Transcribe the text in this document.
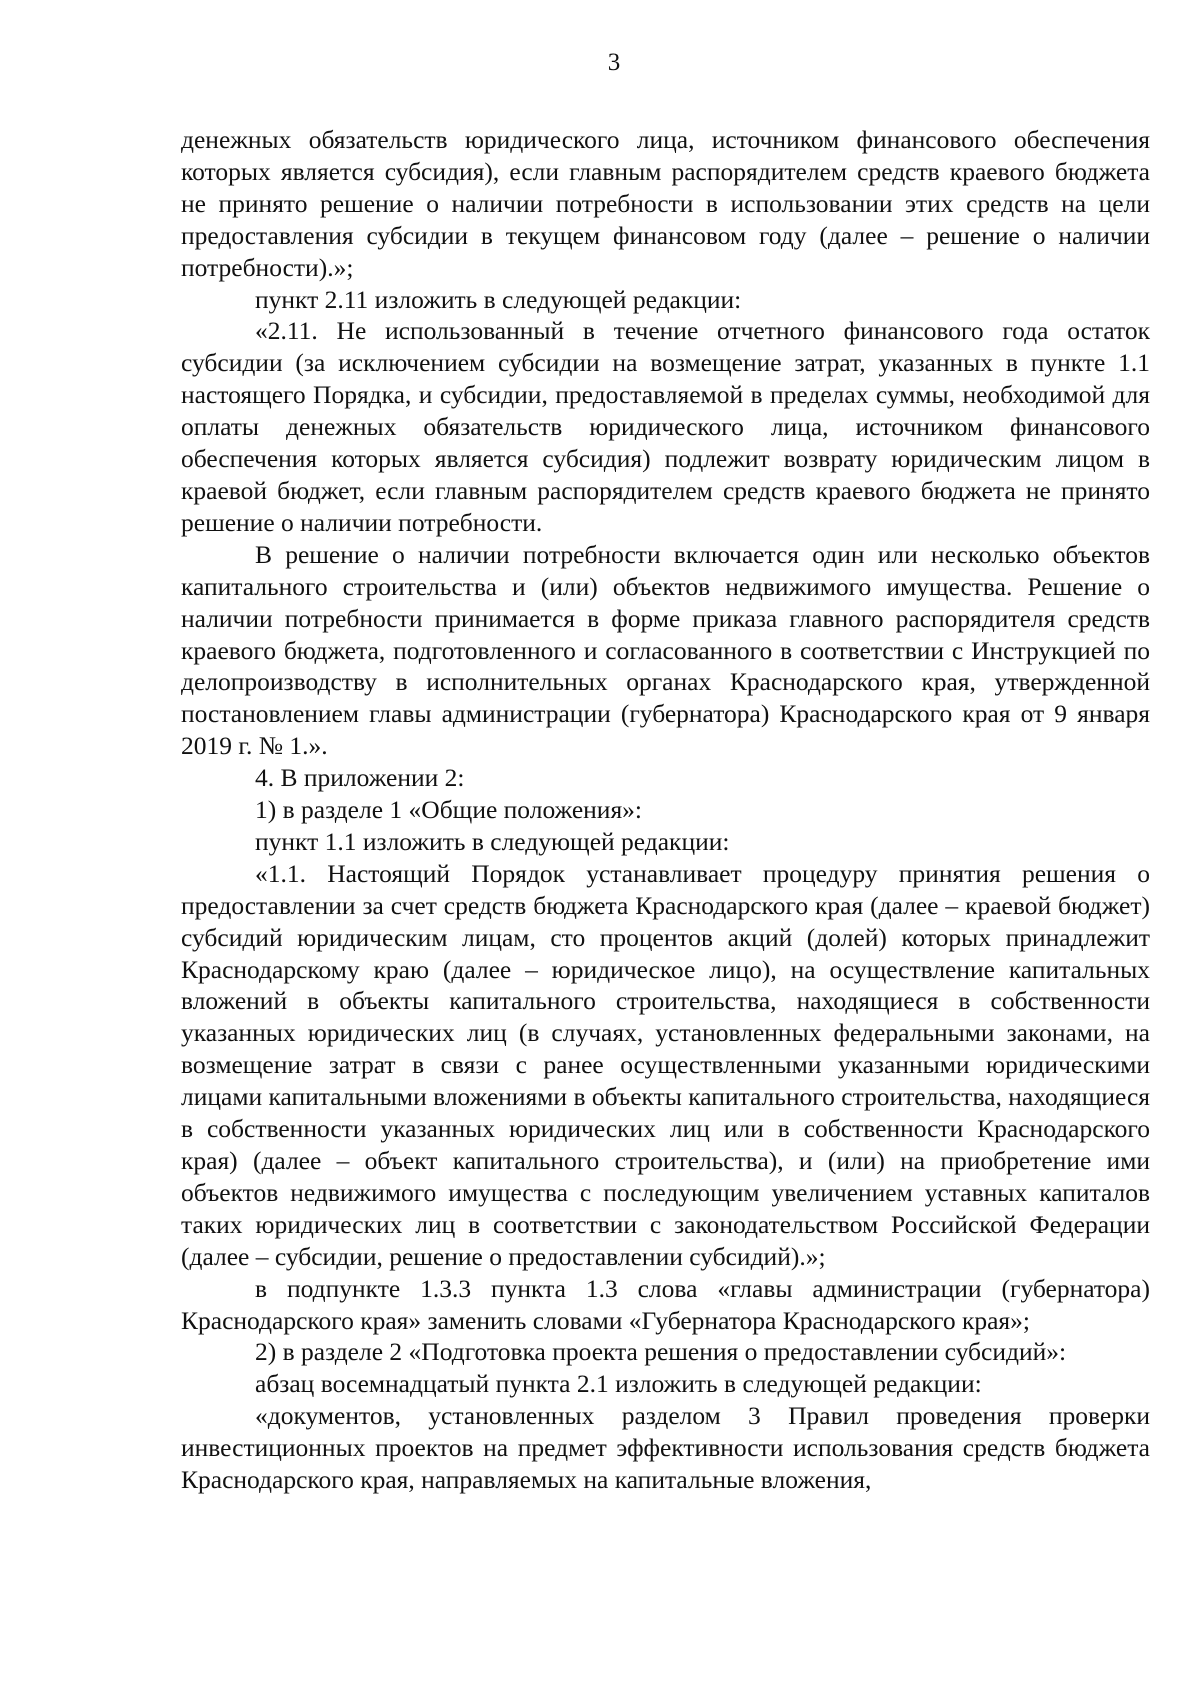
3

денежных обязательств юридического лица, источником финансового обеспечения которых является субсидия), если главным распорядителем средств краевого бюджета не принято решение о наличии потребности в использовании этих средств на цели предоставления субсидии в текущем финансовом году (далее – решение о наличии потребности).»;

пункт 2.11 изложить в следующей редакции:

«2.11. Не использованный в течение отчетного финансового года остаток субсидии (за исключением субсидии на возмещение затрат, указанных в пункте 1.1 настоящего Порядка, и субсидии, предоставляемой в пределах суммы, необходимой для оплаты денежных обязательств юридического лица, источником финансового обеспечения которых является субсидия) подлежит возврату юридическим лицом в краевой бюджет, если главным распорядителем средств краевого бюджета не принято решение о наличии потребности.

В решение о наличии потребности включается один или несколько объектов капитального строительства и (или) объектов недвижимого имущества. Решение о наличии потребности принимается в форме приказа главного распорядителя средств краевого бюджета, подготовленного и согласованного в соответствии с Инструкцией по делопроизводству в исполнительных органах Краснодарского края, утвержденной постановлением главы администрации (губернатора) Краснодарского края от 9 января 2019 г. № 1.».

4. В приложении 2:

1) в разделе 1 «Общие положения»:

пункт 1.1 изложить в следующей редакции:

«1.1. Настоящий Порядок устанавливает процедуру принятия решения о предоставлении за счет средств бюджета Краснодарского края (далее – краевой бюджет) субсидий юридическим лицам, сто процентов акций (долей) которых принадлежит Краснодарскому краю (далее – юридическое лицо), на осуществление капитальных вложений в объекты капитального строительства, находящиеся в собственности указанных юридических лиц (в случаях, установленных федеральными законами, на возмещение затрат в связи с ранее осуществленными указанными юридическими лицами капитальными вложениями в объекты капитального строительства, находящиеся в собственности указанных юридических лиц или в собственности Краснодарского края) (далее – объект капитального строительства), и (или) на приобретение ими объектов недвижимого имущества с последующим увеличением уставных капиталов таких юридических лиц в соответствии с законодательством Российской Федерации (далее – субсидии, решение о предоставлении субсидий).»;

в подпункте 1.3.3 пункта 1.3 слова «главы администрации (губернатора) Краснодарского края» заменить словами «Губернатора Краснодарского края»;

2) в разделе 2 «Подготовка проекта решения о предоставлении субсидий»:

абзац восемнадцатый пункта 2.1 изложить в следующей редакции:

«документов, установленных разделом 3 Правил проведения проверки инвестиционных проектов на предмет эффективности использования средств бюджета Краснодарского края, направляемых на капитальные вложения,
